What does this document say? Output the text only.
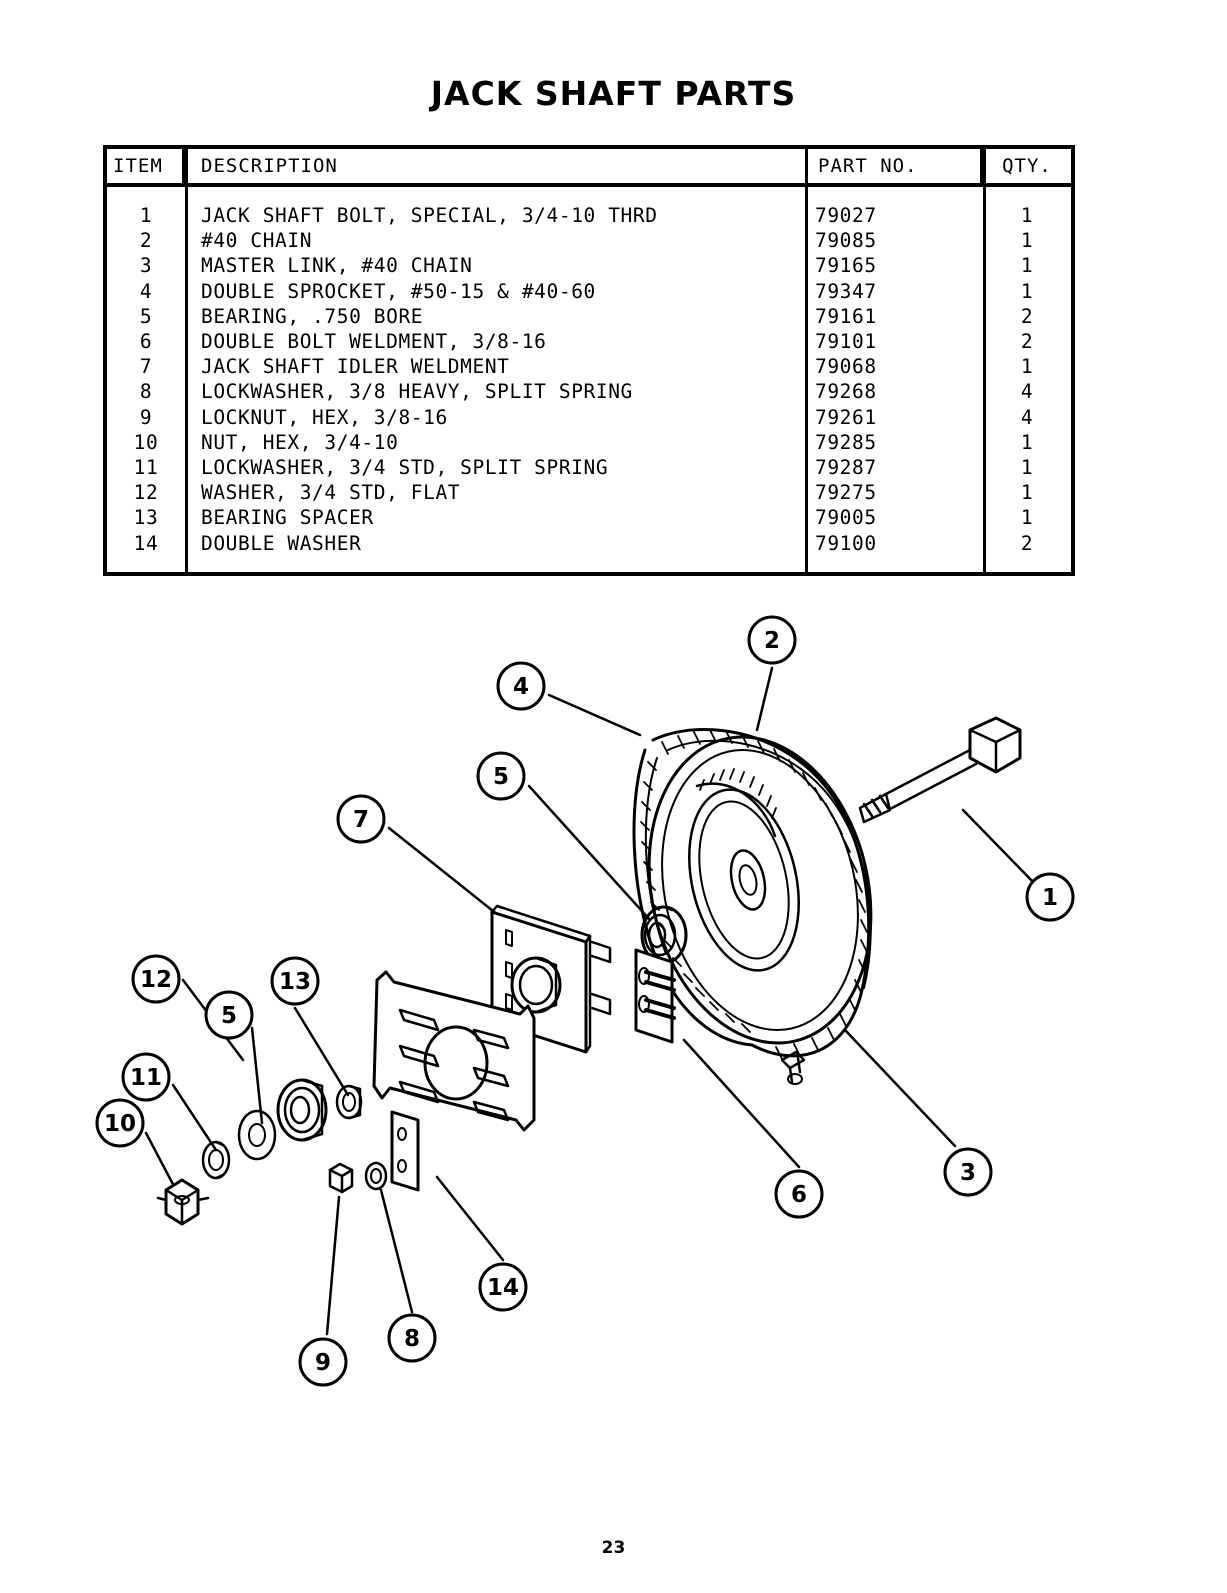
JACK SHAFT PARTS
ITEM	DESCRIPTION	PART NO.	QTY.
1	JACK SHAFT BOLT, SPECIAL, 3/4-10 THRD	79027	1
2	#40 CHAIN	79085	1
3	MASTER LINK, #40 CHAIN	79165	1
4	DOUBLE SPROCKET, #50-15 & #40-60	79347	1
5	BEARING, .750 BORE	79161	2
6	DOUBLE BOLT WELDMENT, 3/8-16	79101	2
7	JACK SHAFT IDLER WELDMENT	79068	1
8	LOCKWASHER, 3/8 HEAVY, SPLIT SPRING	79268	4
9	LOCKNUT, HEX, 3/8-16	79261	4
10	NUT, HEX, 3/4-10	79285	1
11	LOCKWASHER, 3/4 STD, SPLIT SPRING	79287	1
12	WASHER, 3/4 STD, FLAT	79275	1
13	BEARING SPACER	79005	1
14	DOUBLE WASHER	79100	2
1
2
3
4
5
6
7
8
9
10
11
12	13
14
5
23
